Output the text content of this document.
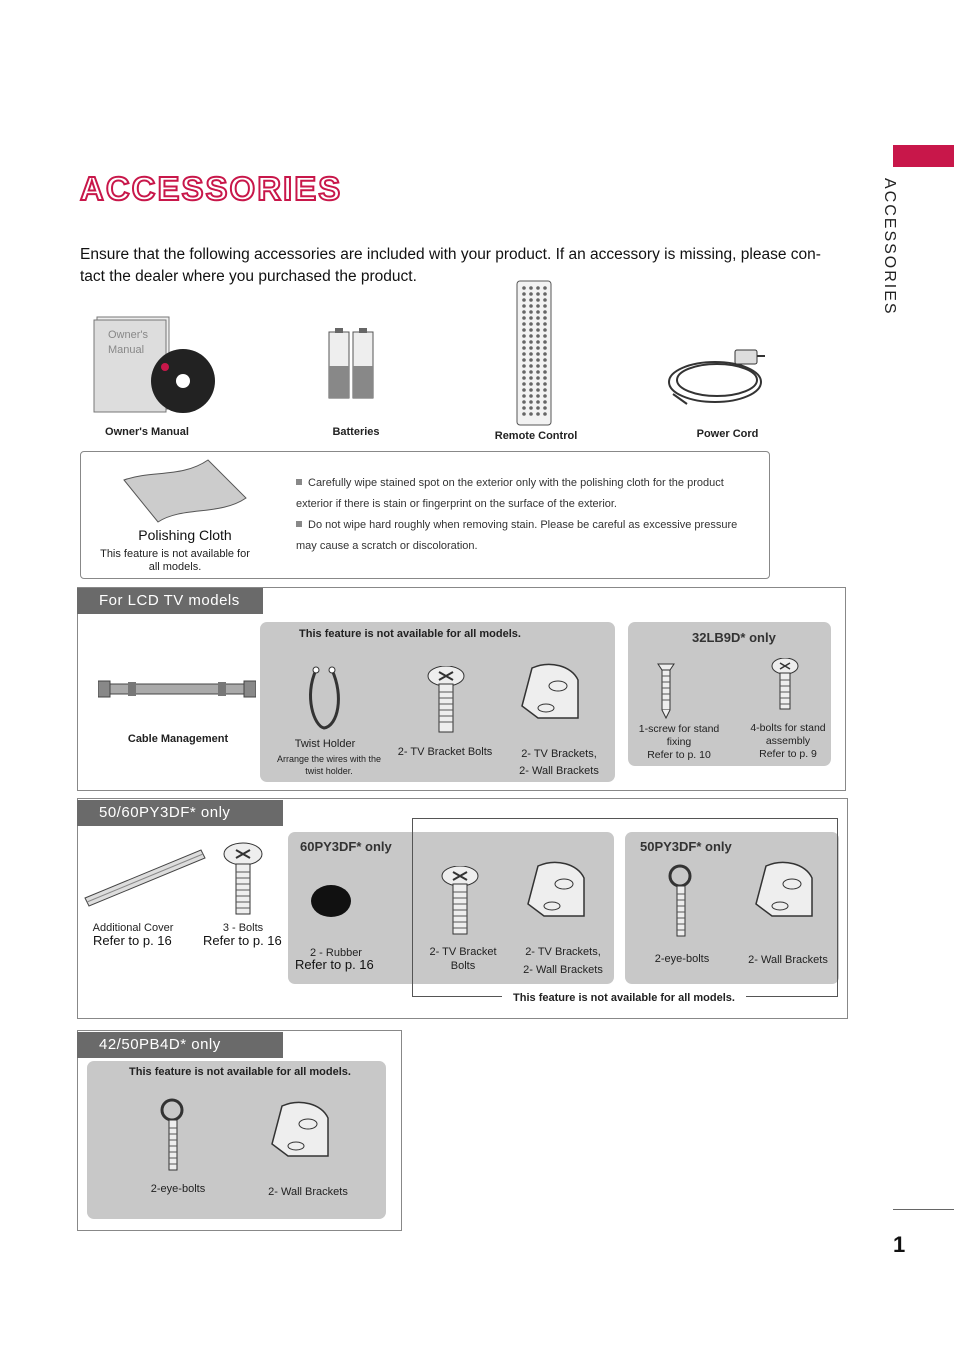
ACCESSORIES
ACCESSORIES
Ensure that the following accessories are included with your product. If an accessory is missing, please con- tact the dealer where you purchased the product.
Owner's Manual
Owner's Manual	Batteries	Remote Control	Power Cord
Polishing Cloth
This feature is not available for all models.
Carefully wipe stained spot on the exterior only with the polishing cloth for the product exterior if there is stain or fingerprint on the surface of the exterior.
Do not wipe hard roughly when removing stain. Please be careful as excessive pressure may cause a scratch or discoloration.
For LCD TV models
Cable Management
This feature is not available for all models.
Twist Holder
Arrange the wires with the twist holder.
2- TV Bracket Bolts	2- TV Brackets,
2- Wall Brackets
32LB9D* only
1-screw for stand
fixing
Refer to p. 10
4-bolts for stand
assembly
Refer to p. 9
50/60PY3DF* only
Additional Cover
Refer to p. 16
3 - Bolts
Refer to p. 16
60PY3DF* only
2 - Rubber
Refer to p. 16
2- TV Bracket
Bolts
2- TV Brackets,
2- Wall Brackets
50PY3DF* only
2-eye-bolts	2- Wall Brackets
This feature is not available for all models.
42/50PB4D* only
This feature is not available for all models.
2-eye-bolts	2- Wall Brackets
1
